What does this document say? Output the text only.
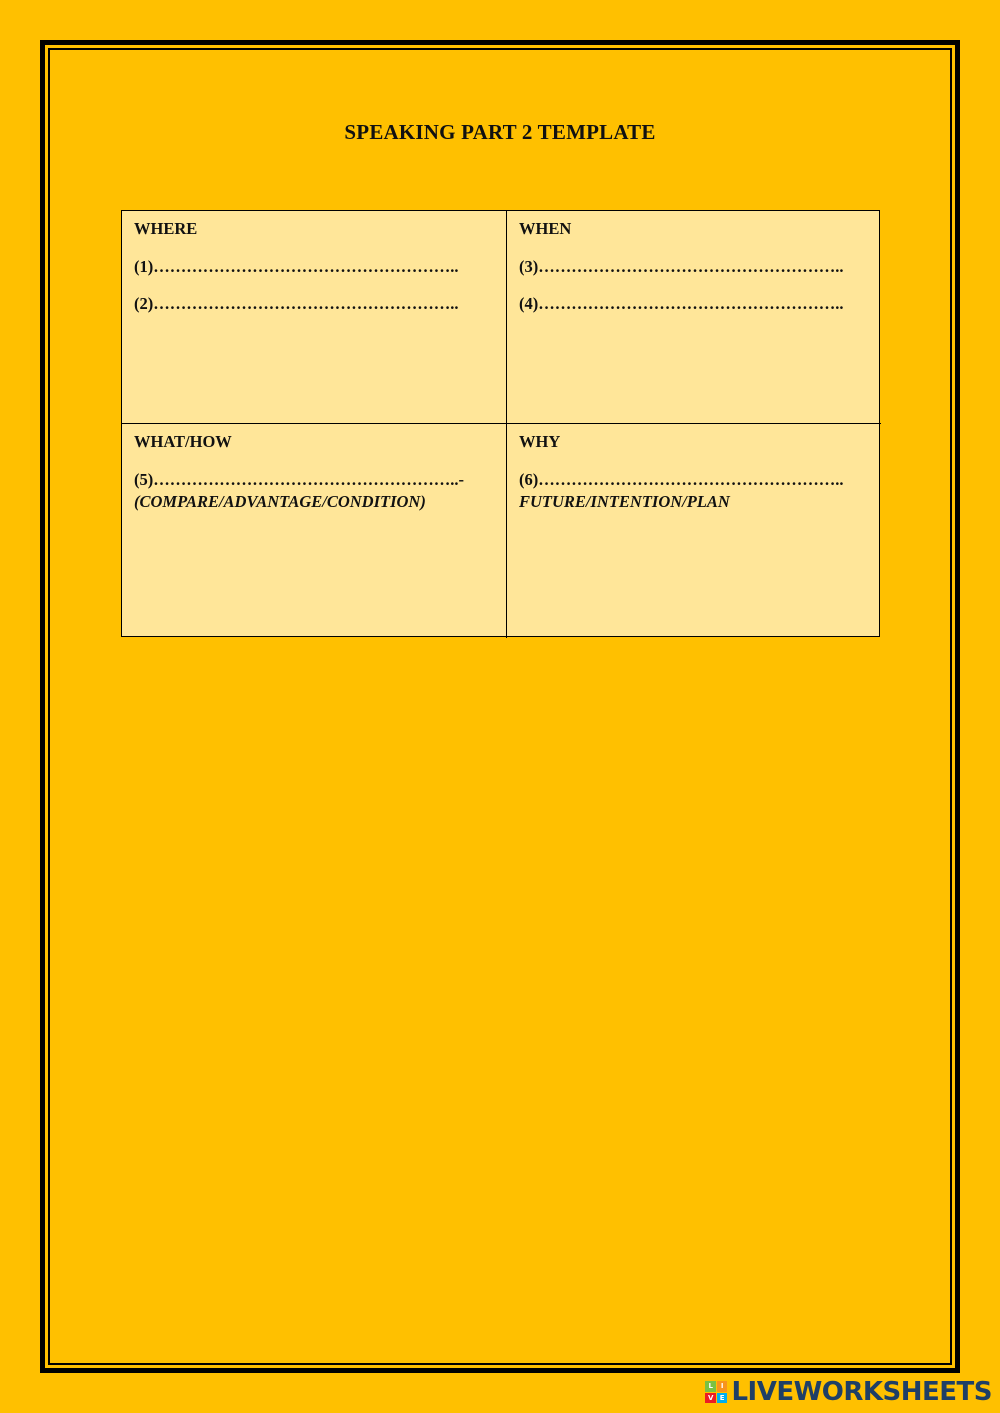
SPEAKING PART 2 TEMPLATE
WHERE
(1)………………………………………………..
(2)………………………………………………..
WHEN
(3)………………………………………………..
(4)………………………………………………..
WHAT/HOW
(5)………………………………………………..-
(COMPARE/ADVANTAGE/CONDITION)
WHY
(6)………………………………………………..
FUTURE/INTENTION/PLAN
L	I
V E LIVEWORKSHEETS
